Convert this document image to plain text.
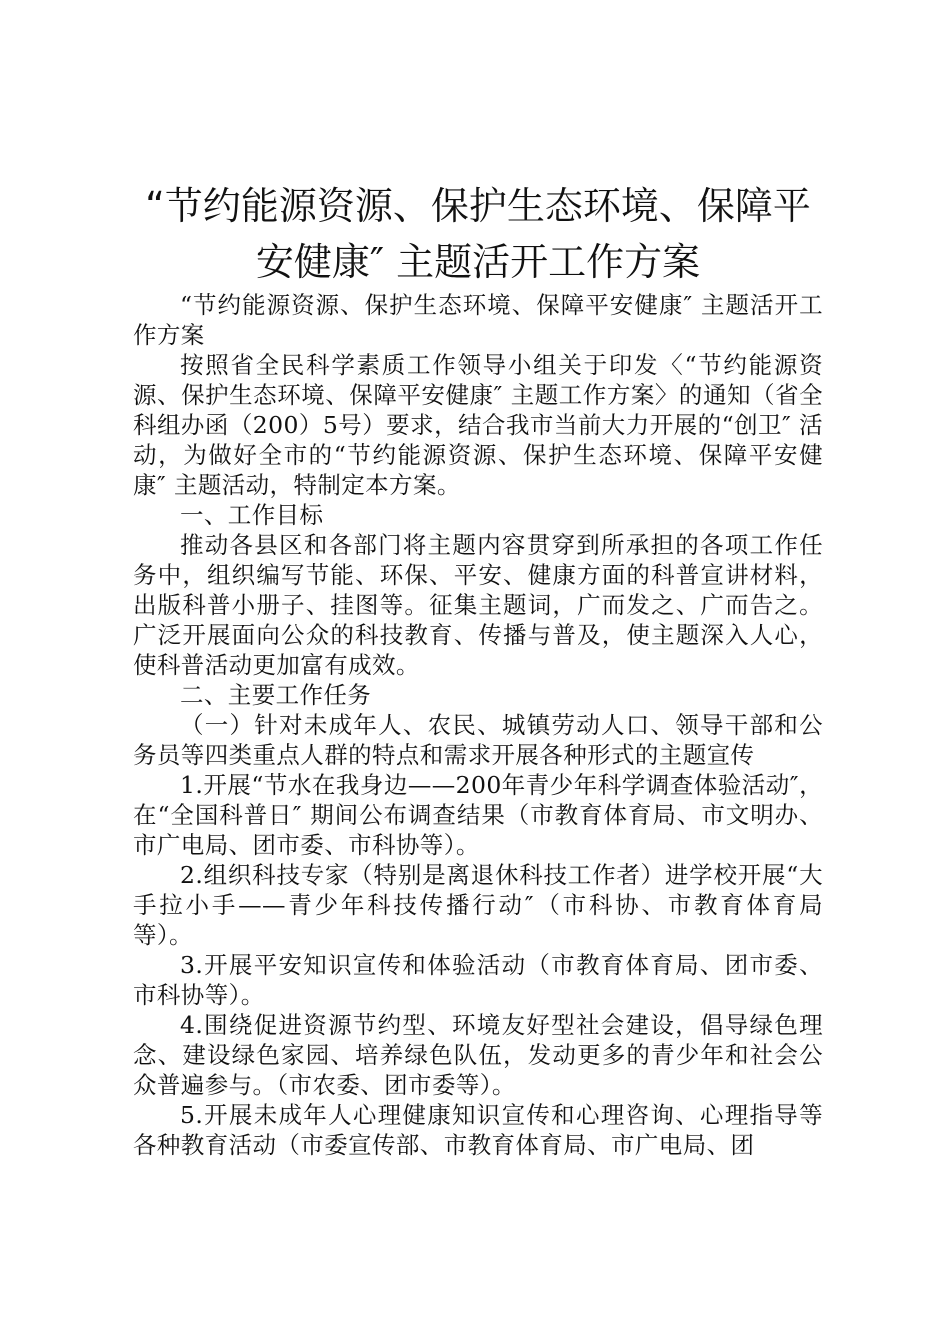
“节约能源资源、保护生态环境、保障平安健康″ 主题活开工作方案

“节约能源资源、保护生态环境、保障平安健康″ 主题活开工作方案

按照省全民科学素质工作领导小组关于印发〈“节约能源资源、保护生态环境、保障平安健康″ 主题工作方案〉的通知（省全科组办函（200）5号）要求，结合我市当前大力开展的“创卫″ 活动，为做好全市的“节约能源资源、保护生态环境、保障平安健康″ 主题活动，特制定本方案。

一、工作目标

推动各县区和各部门将主题内容贯穿到所承担的各项工作任务中，组织编写节能、环保、平安、健康方面的科普宣讲材料，出版科普小册子、挂图等。征集主题词，广而发之、广而告之。广泛开展面向公众的科技教育、传播与普及，使主题深入人心，使科普活动更加富有成效。

二、主要工作任务

（一）针对未成年人、农民、城镇劳动人口、领导干部和公务员等四类重点人群的特点和需求开展各种形式的主题宣传

1.开展“节水在我身边——200年青少年科学调查体验活动″，在“全国科普日″ 期间公布调查结果（市教育体育局、市文明办、市广电局、团市委、市科协等）。

2.组织科技专家（特别是离退休科技工作者）进学校开展“大手拉小手——青少年科技传播行动″（市科协、市教育体育局等）。

3.开展平安知识宣传和体验活动（市教育体育局、团市委、市科协等）。

4.围绕促进资源节约型、环境友好型社会建设，倡导绿色理念、建设绿色家园、培养绿色队伍，发动更多的青少年和社会公众普遍参与。（市农委、团市委等）。

5.开展未成年人心理健康知识宣传和心理咨询、心理指导等各种教育活动（市委宣传部、市教育体育局、市广电局、团
